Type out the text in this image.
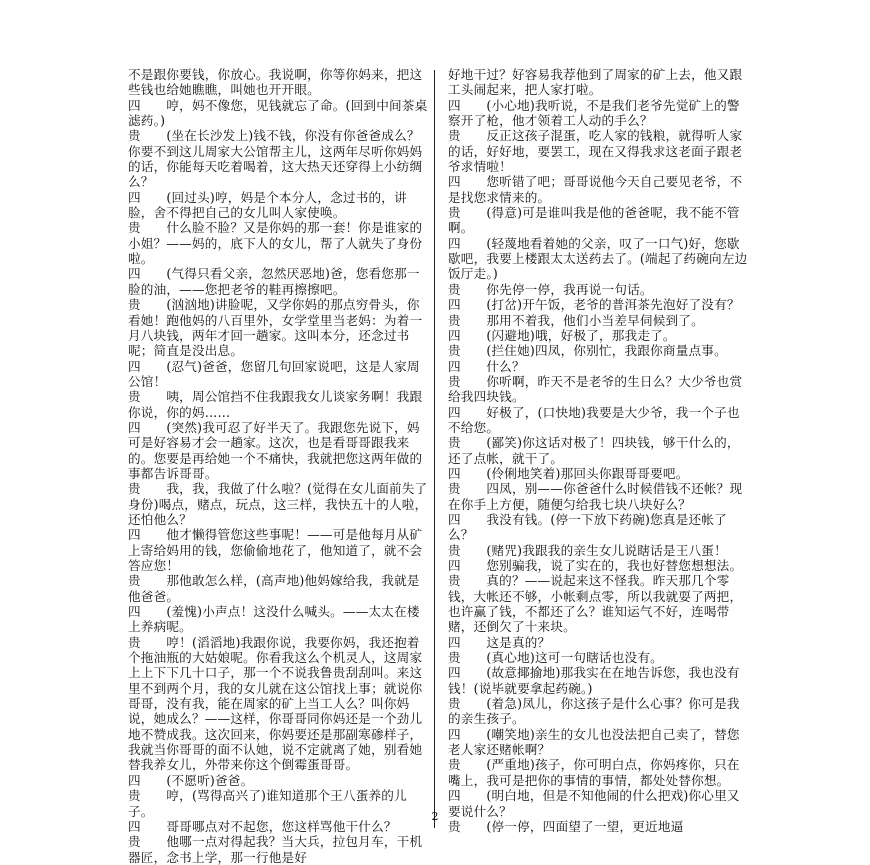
不是跟你要钱，你放心。我说啊，你等你妈来，把这些钱也给她瞧瞧，叫她也开开眼。
四　　哼，妈不像您，见钱就忘了命。(回到中间茶桌滤药。)
贵　　(坐在长沙发上)钱不钱，你没有你爸爸成么？你要不到这儿周家大公馆帮主儿，这两年尽听你妈妈的话，你能每天吃着喝着，这大热天还穿得上小纺绸么？
四　　(回过头)哼，妈是个本分人，念过书的，讲脸，舍不得把自己的女儿叫人家使唤。
贵　　什么脸不脸？又是你妈的那一套！你是谁家的小姐？——妈的，底下人的女儿，帮了人就失了身份啦。
四　　(气得只看父亲，忽然厌恶地)爸，您看您那一脸的油，——您把老爷的鞋再擦擦吧。
贵　　(汹汹地)讲脸呢，又学你妈的那点穷骨头，你看她！跑他妈的八百里外，女学堂里当老妈：为着一月八块钱，两年才回一趟家。这叫本分，还念过书呢；简直是没出息。
四　　(忍气)爸爸，您留几句回家说吧，这是人家周公馆！
贵　　咦，周公馆挡不住我跟我女儿谈家务啊！我跟你说，你的妈……
四　　(突然)我可忍了好半天了。我跟您先说下，妈可是好容易才会一趟家。这次，也是看哥哥跟我来的。您要是再给她一个不痛快，我就把您这两年做的事都告诉哥哥。
贵　　我，我，我做了什么啦？(觉得在女儿面前失了身份)喝点，赌点，玩点，这三样，我快五十的人啦，还怕他么？
四　　他才懒得管您这些事呢！——可是他每月从矿上寄给妈用的钱，您偷偷地花了，他知道了，就不会答应您！
贵　　那他敢怎么样，(高声地)他妈嫁给我，我就是他爸爸。
四　　(羞愧)小声点！这没什么喊头。——太太在楼上养病呢。
贵　　哼！(滔滔地)我跟你说，我要你妈，我还抱着个拖油瓶的大姑娘呢。你看我这么个机灵人，这周家上上下下几十口子，那一个不说我鲁贵刮刮叫。来这里不到两个月，我的女儿就在这公馆找上事；就说你哥哥，没有我，能在周家的矿上当工人么？叫你妈说，她成么？——这样，你哥哥同你妈还是一个劲儿地不赞成我。这次回来，你妈要还是那副寒碜样子，我就当你哥哥的面不认她，说不定就离了她，别看她替我养女儿，外带来你这个倒霉蛋哥哥。
四　　(不愿听)爸爸。
贵　　哼，(骂得高兴了)谁知道那个王八蛋养的儿子。
四　　哥哥哪点对不起您，您这样骂他干什么？
贵　　他哪一点对得起我？当大兵，拉包月车，干机器匠，念书上学，那一行他是好
好地干过？好容易我荐他到了周家的矿上去，他又跟工头闹起来，把人家打啦。
四　　(小心地)我听说，不是我们老爷先觉矿上的警察开了枪，他才领着工人动的手么？
贵　　反正这孩子混蛋，吃人家的钱粮，就得听人家的话，好好地，要罢工，现在又得我求这老面子跟老爷求情啦！
四　　您听错了吧；哥哥说他今天自己要见老爷，不是找您求情来的。
贵　　(得意)可是谁叫我是他的爸爸呢，我不能不管啊。
四　　(轻蔑地看着她的父亲，叹了一口气)好，您歇歇吧，我要上楼跟太太送药去了。(端起了药碗向左边饭厅走。)
贵　　你先停一停，我再说一句话。
四　　(打岔)开午饭，老爷的普洱茶先泡好了没有？
贵　　那用不着我，他们小当差早伺候到了。
四　　(闪避地)哦，好极了，那我走了。
贵　　(拦住她)四凤，你别忙，我跟你商量点事。
四　　什么？
贵　　你听啊，昨天不是老爷的生日么？大少爷也赏给我四块钱。
四　　好极了，(口快地)我要是大少爷，我一个子也不给您。
贵　　(鄙笑)你这话对极了！四块钱，够干什么的，还了点帐，就干了。
四　　(伶俐地笑着)那回头你跟哥哥要吧。
贵　　四凤，别——你爸爸什么时候借钱不还帐？现在你手上方便，随便匀给我七块八块好么？
四　　我没有钱。(停一下放下药碗)您真是还帐了么？
贵　　(赌咒)我跟我的亲生女儿说瞎话是王八蛋！
四　　您别骗我，说了实在的，我也好替您想想法。
贵　　真的？——说起来这不怪我。昨天那几个零钱，大帐还不够，小帐剩点零，所以我就耍了两把，也许赢了钱，不都还了么？谁知运气不好，连喝带赌，还倒欠了十来块。
四　　这是真的？
贵　　(真心地)这可一句瞎话也没有。
四　　(故意揶揄地)那我实在在地告诉您，我也没有钱！(说毕就要拿起药碗。)
贵　　(着急)凤儿，你这孩子是什么心事？你可是我的亲生孩子。
四　　(嘲笑地)亲生的女儿也没法把自己卖了，替您老人家还赌帐啊？
贵　　(严重地)孩子，你可明白点，你妈疼你，只在嘴上，我可是把你的事情的事情，都处处替你想。
四　　(明白地，但是不知他闹的什么把戏)你心里又要说什么？
贵　　(停一停，四面望了一望，更近地逼
2
